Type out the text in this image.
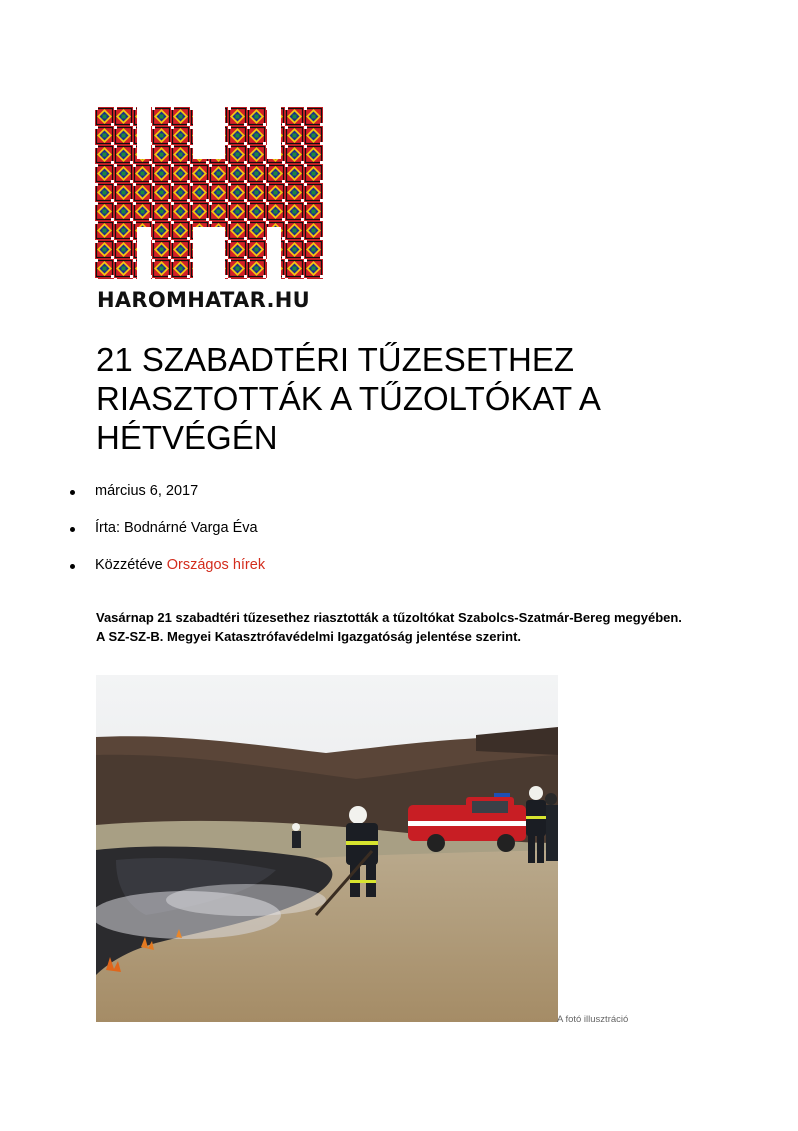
HAROMHATAR.HU
21 SZABADTÉRI TŰZESETHEZ RIASZTOTTÁK A TŰZOLTÓKAT A HÉTVÉGÉN
március 6, 2017
Írta: Bodnárné Varga Éva
Közzétéve Országos hírek

Vasárnap 21 szabadtéri tűzesethez riasztották a tűzoltókat Szabolcs-Szatmár-Bereg megyében. A SZ-SZ-B. Megyei Katasztrófavédelmi Igazgatóság jelentése szerint.

A fotó illusztráció
